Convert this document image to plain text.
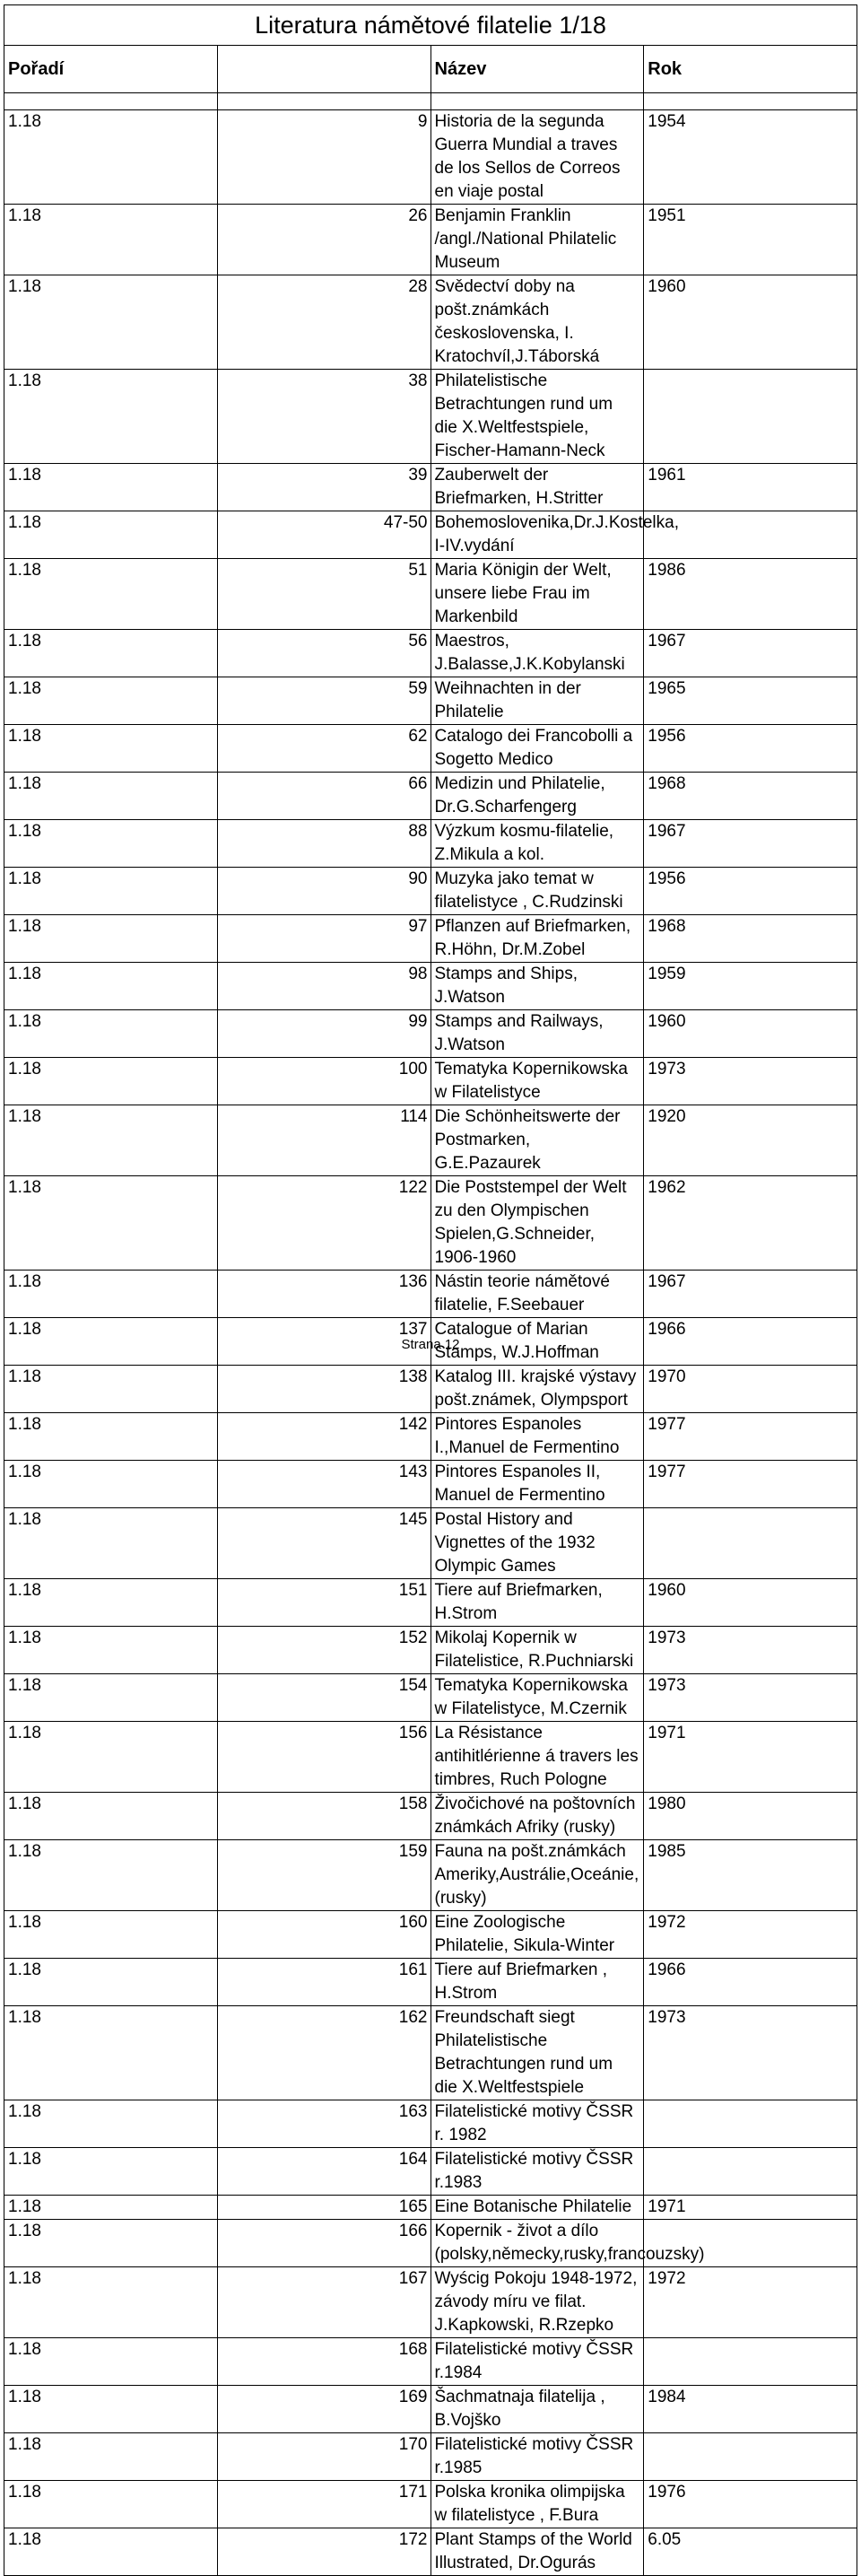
Literatura námětové filatelie 1/18			
Pořadí		Název	Rok

1.18	9	Historia de la segunda Guerra Mundial a traves de los Sellos de Correos en viaje postal	1954
1.18	26	Benjamin Franklin /angl./National Philatelic Museum	1951
1.18	28	Svědectví doby na pošt.známkách československa, I. Kratochvíl,J.Táborská	1960
1.18	38	Philatelistische Betrachtungen rund um die X.Weltfestspiele, Fischer-Hamann-Neck	
1.18	39	Zauberwelt der Briefmarken, H.Stritter	1961
1.18	47-50	Bohemoslovenika,Dr.J.Kostelka, I-IV.vydání	
1.18	51	Maria Königin der Welt, unsere liebe Frau im Markenbild	1986
1.18	56	Maestros, J.Balasse,J.K.Kobylanski	1967
1.18	59	Weihnachten in der Philatelie	1965
1.18	62	Catalogo dei Francobolli a Sogetto Medico	1956
1.18	66	Medizin und Philatelie, Dr.G.Scharfengerg	1968
1.18	88	Výzkum kosmu-filatelie, Z.Mikula a kol.	1967
1.18	90	Muzyka jako temat w filatelistyce , C.Rudzinski	1956
1.18	97	Pflanzen auf Briefmarken, R.Höhn, Dr.M.Zobel	1968
1.18	98	Stamps and Ships, J.Watson	1959
1.18	99	Stamps and Railways, J.Watson	1960
1.18	100	Tematyka Kopernikowska w Filatelistyce	1973
1.18	114	Die Schönheitswerte der Postmarken, G.E.Pazaurek	1920
1.18	122	Die Poststempel der Welt zu den Olympischen Spielen,G.Schneider, 1906-1960	1962
1.18	136	Nástin teorie námětové filatelie, F.Seebauer	1967
1.18	137	Catalogue of Marian Stamps, W.J.Hoffman	1966
1.18	138	Katalog III. krajské výstavy pošt.známek, Olympsport	1970
1.18	142	Pintores Espanoles I.,Manuel de Fermentino	1977
1.18	143	Pintores Espanoles II, Manuel de Fermentino	1977
1.18	145	Postal History and Vignettes of the 1932 Olympic Games	
1.18	151	Tiere auf Briefmarken, H.Strom	1960
1.18	152	Mikolaj Kopernik w Filatelistice, R.Puchniarski	1973
1.18	154	Tematyka Kopernikowska w Filatelistyce, M.Czernik	1973
1.18	156	La Résistance antihitlérienne á travers les timbres, Ruch Pologne	1971
1.18	158	Živočichové na poštovních známkách Afriky (rusky)	1980
1.18	159	Fauna na pošt.známkách Ameriky,Austrálie,Oceánie, (rusky)	1985
1.18	160	Eine Zoologische Philatelie, Sikula-Winter	1972
1.18	161	Tiere auf Briefmarken , H.Strom	1966
1.18	162	Freundschaft siegt Philatelistische Betrachtungen rund um die X.Weltfestspiele	1973
1.18	163	Filatelistické motivy ČSSR r. 1982	
1.18	164	Filatelistické motivy ČSSR r.1983	
1.18	165	Eine Botanische Philatelie	1971
1.18	166	Kopernik - život a dílo (polsky,německy,rusky,francouzsky)	
1.18	167	Wyścig Pokoju 1948-1972, závody míru ve filat. J.Kapkowski, R.Rzepko	1972
1.18	168	Filatelistické motivy ČSSR r.1984	
1.18	169	Šachmatnaja filatelija , B.Vojško	1984
1.18	170	Filatelistické motivy ČSSR r.1985	
1.18	171	Polska kronika olimpijska w filatelistyce , F.Bura	1976
1.18	172	Plant Stamps of the World Illustrated, Dr.Ogurás	6.05
Strana 12
